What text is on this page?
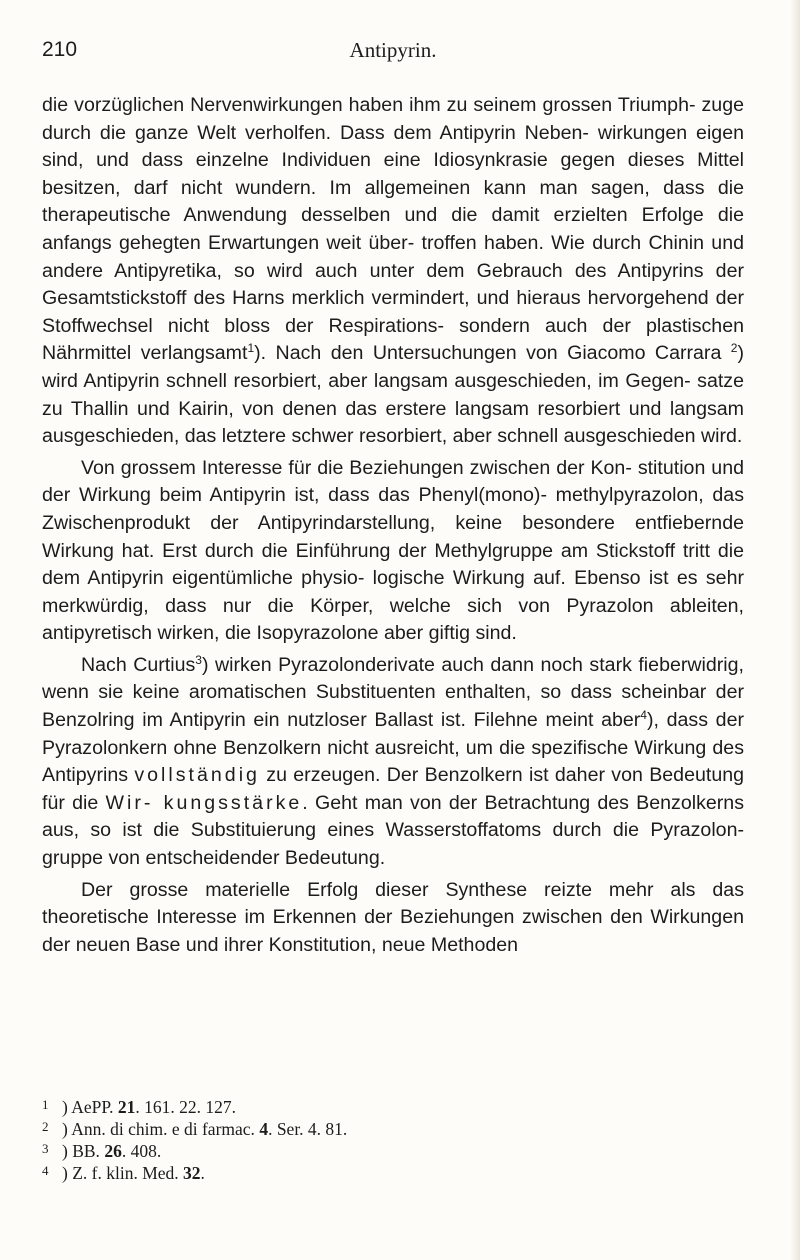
210	Antipyrin.

die vorzüglichen Nervenwirkungen haben ihm zu seinem grossen Triumph- zuge durch die ganze Welt verholfen. Dass dem Antipyrin Neben- wirkungen eigen sind, und dass einzelne Individuen eine Idiosynkrasie gegen dieses Mittel besitzen, darf nicht wundern. Im allgemeinen kann man sagen, dass die therapeutische Anwendung desselben und die damit erzielten Erfolge die anfangs gehegten Erwartungen weit über- troffen haben. Wie durch Chinin und andere Antipyretika, so wird auch unter dem Gebrauch des Antipyrins der Gesamtstickstoff des Harns merklich vermindert, und hieraus hervorgehend der Stoffwechsel nicht bloss der Respirations- sondern auch der plastischen Nährmittel verlangsamt$^1$). Nach den Untersuchungen von Giacomo Carrara $^2$) wird Antipyrin schnell resorbiert, aber langsam ausgeschieden, im Gegen- satze zu Thallin und Kairin, von denen das erstere langsam resorbiert und langsam ausgeschieden, das letztere schwer resorbiert, aber schnell ausgeschieden wird.

Von grossem Interesse für die Beziehungen zwischen der Kon- stitution und der Wirkung beim Antipyrin ist, dass das Phenyl(mono)- methylpyrazolon, das Zwischenprodukt der Antipyrindarstellung, keine besondere entfiebernde Wirkung hat. Erst durch die Einführung der Methylgruppe am Stickstoff tritt die dem Antipyrin eigentümliche physio- logische Wirkung auf. Ebenso ist es sehr merkwürdig, dass nur die Körper, welche sich von Pyrazolon ableiten, antipyretisch wirken, die Isopyrazolone aber giftig sind.

Nach Curtius$^3$) wirken Pyrazolonderivate auch dann noch stark fieberwidrig, wenn sie keine aromatischen Substituenten enthalten, so dass scheinbar der Benzolring im Antipyrin ein nutzloser Ballast ist. Filehne meint aber$^4$), dass der Pyrazolonkern ohne Benzolkern nicht ausreicht, um die spezifische Wirkung des Antipyrins vollständig zu erzeugen. Der Benzolkern ist daher von Bedeutung für die Wir- kungsstärke. Geht man von der Betrachtung des Benzolkerns aus, so ist die Substituierung eines Wasserstoffatoms durch die Pyrazolon- gruppe von entscheidender Bedeutung.

Der grosse materielle Erfolg dieser Synthese reizte mehr als das theoretische Interesse im Erkennen der Beziehungen zwischen den Wirkungen der neuen Base und ihrer Konstitution, neue Methoden

1 ) AePP. 21. 161. 22. 127.

2 ) Ann. di chim. e di farmac. 4. Ser. 4. 81.

3 ) BB. 26. 408.

4 ) Z. f. klin. Med. 32.
